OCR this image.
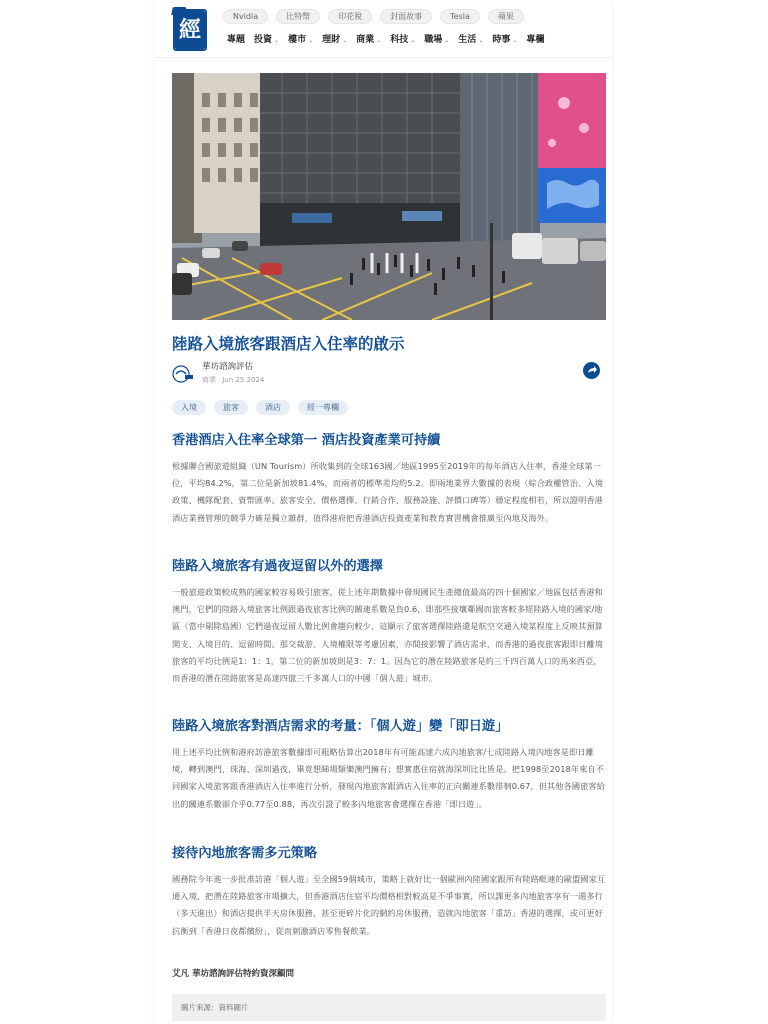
經
Nvidia	比特幣	印花稅	封面故事	Tesla	蘋果
專題 投資 ⌄ 樓市 ⌄ 理財 ⌄ 商業 ⌄ 科技 ⌄ 職場 ⌄ 生活 ⌄ 時事 ⌄ 專欄
陸路入境旅客跟酒店入住率的啟示
華坊諮詢評估
商業 Jun 25 2024
入境	旅客	酒店	經一專欄
香港酒店入住率全球第一 酒店投資產業可持續

根據聯合國旅遊組織（UN Tourism）所收集到的全球163國／地區1995至2019年的每年酒店入住率，香港全球第一位，平均84.2%，第二位是新加坡81.4%，而兩者的標準差均約5.2。即兩地業界大數據的表現（綜合政權管治、入境政策、機隊配套、資幣匯率、旅客安全、價格選擇、行銷合作、服務設施、評價口碑等）穩定程度相若，所以證明香港酒店業務管理的競爭力確是獨立雜群，值得港府把香港酒店投資產業和教育實習機會推廣至內地及海外。

陸路入境旅客有過夜逗留以外的選擇

一般旅遊政策較成熟的國家較容易吸引旅客，從上述年期數據中發現國民生產總值最高的四十個國家／地區包括香港和澳門，它們的陸路入境旅客比例跟過夜旅客比例的關連系數是負0.6，即那些接壤鄰國而旅客較多經陸路入境的國家/地區（當中剔除島國）它們過夜逗留人數比例會趨向較少，這顯示了旅客選擇陸路還是航空交通入境某程度上反映其預算開支、入境目的、逗留時間、那交裁游、人境權限等考慮因素，亦間接影響了酒店需求，而香港的過夜旅客跟即日離境旅客的平均比例是1：1：1，第二位的新加坡則是3：7：1。因為它的潛在陸路旅客是約三千四百萬人口的馬來西亞，而香港的潛在陸路旅客是高達四億三千多萬人口的中國「個人遊」城市。

陸路入境旅客對酒店需求的考量：「個人遊」變「即日遊」

用上述平均比例和港府訪港旅客數據即可粗略估算出2018年有可能高達六成內地旅客/七成陸路入境內地客是即日離境，轉到澳門、珠海、深圳過夜，畢竟想睇場類樂澳門擁有；想實惠住宿就海深圳比比皆是。把1998至2018年來自不同國家入境旅客跟香港酒店入住率進行分析，發現內地旅客跟酒店入住率的正向關連系數徘徊0.67，但其他各國旅客給出的關連系數卻介乎0.77至0.88，再次引證了較多內地旅客會選擇在香港「即日遊」。

接待內地旅客需多元策略

國務院今年進一步批准訪港「個人遊」至全國59個城市，策略上就好比一個歐洲內陸國家跟所有陸路毗連的歐盟國家互通入境，把潛在陸路旅客市場擴大，但香港酒店住宿平均價格相對較高是不爭事實，所以課更多內地旅客享有一週多行（多天進出）和酒店提供半天房休服務，甚至更碎片化的網約房休服務，造就內地旅客「重訪」香港的選擇，或可更好抗衡到「香港日夜都繽紛」，從而刺激酒店零售餐飲業。

艾凡 華坊諮詢評估特約資深顧問
圖片來源：資料圖片
